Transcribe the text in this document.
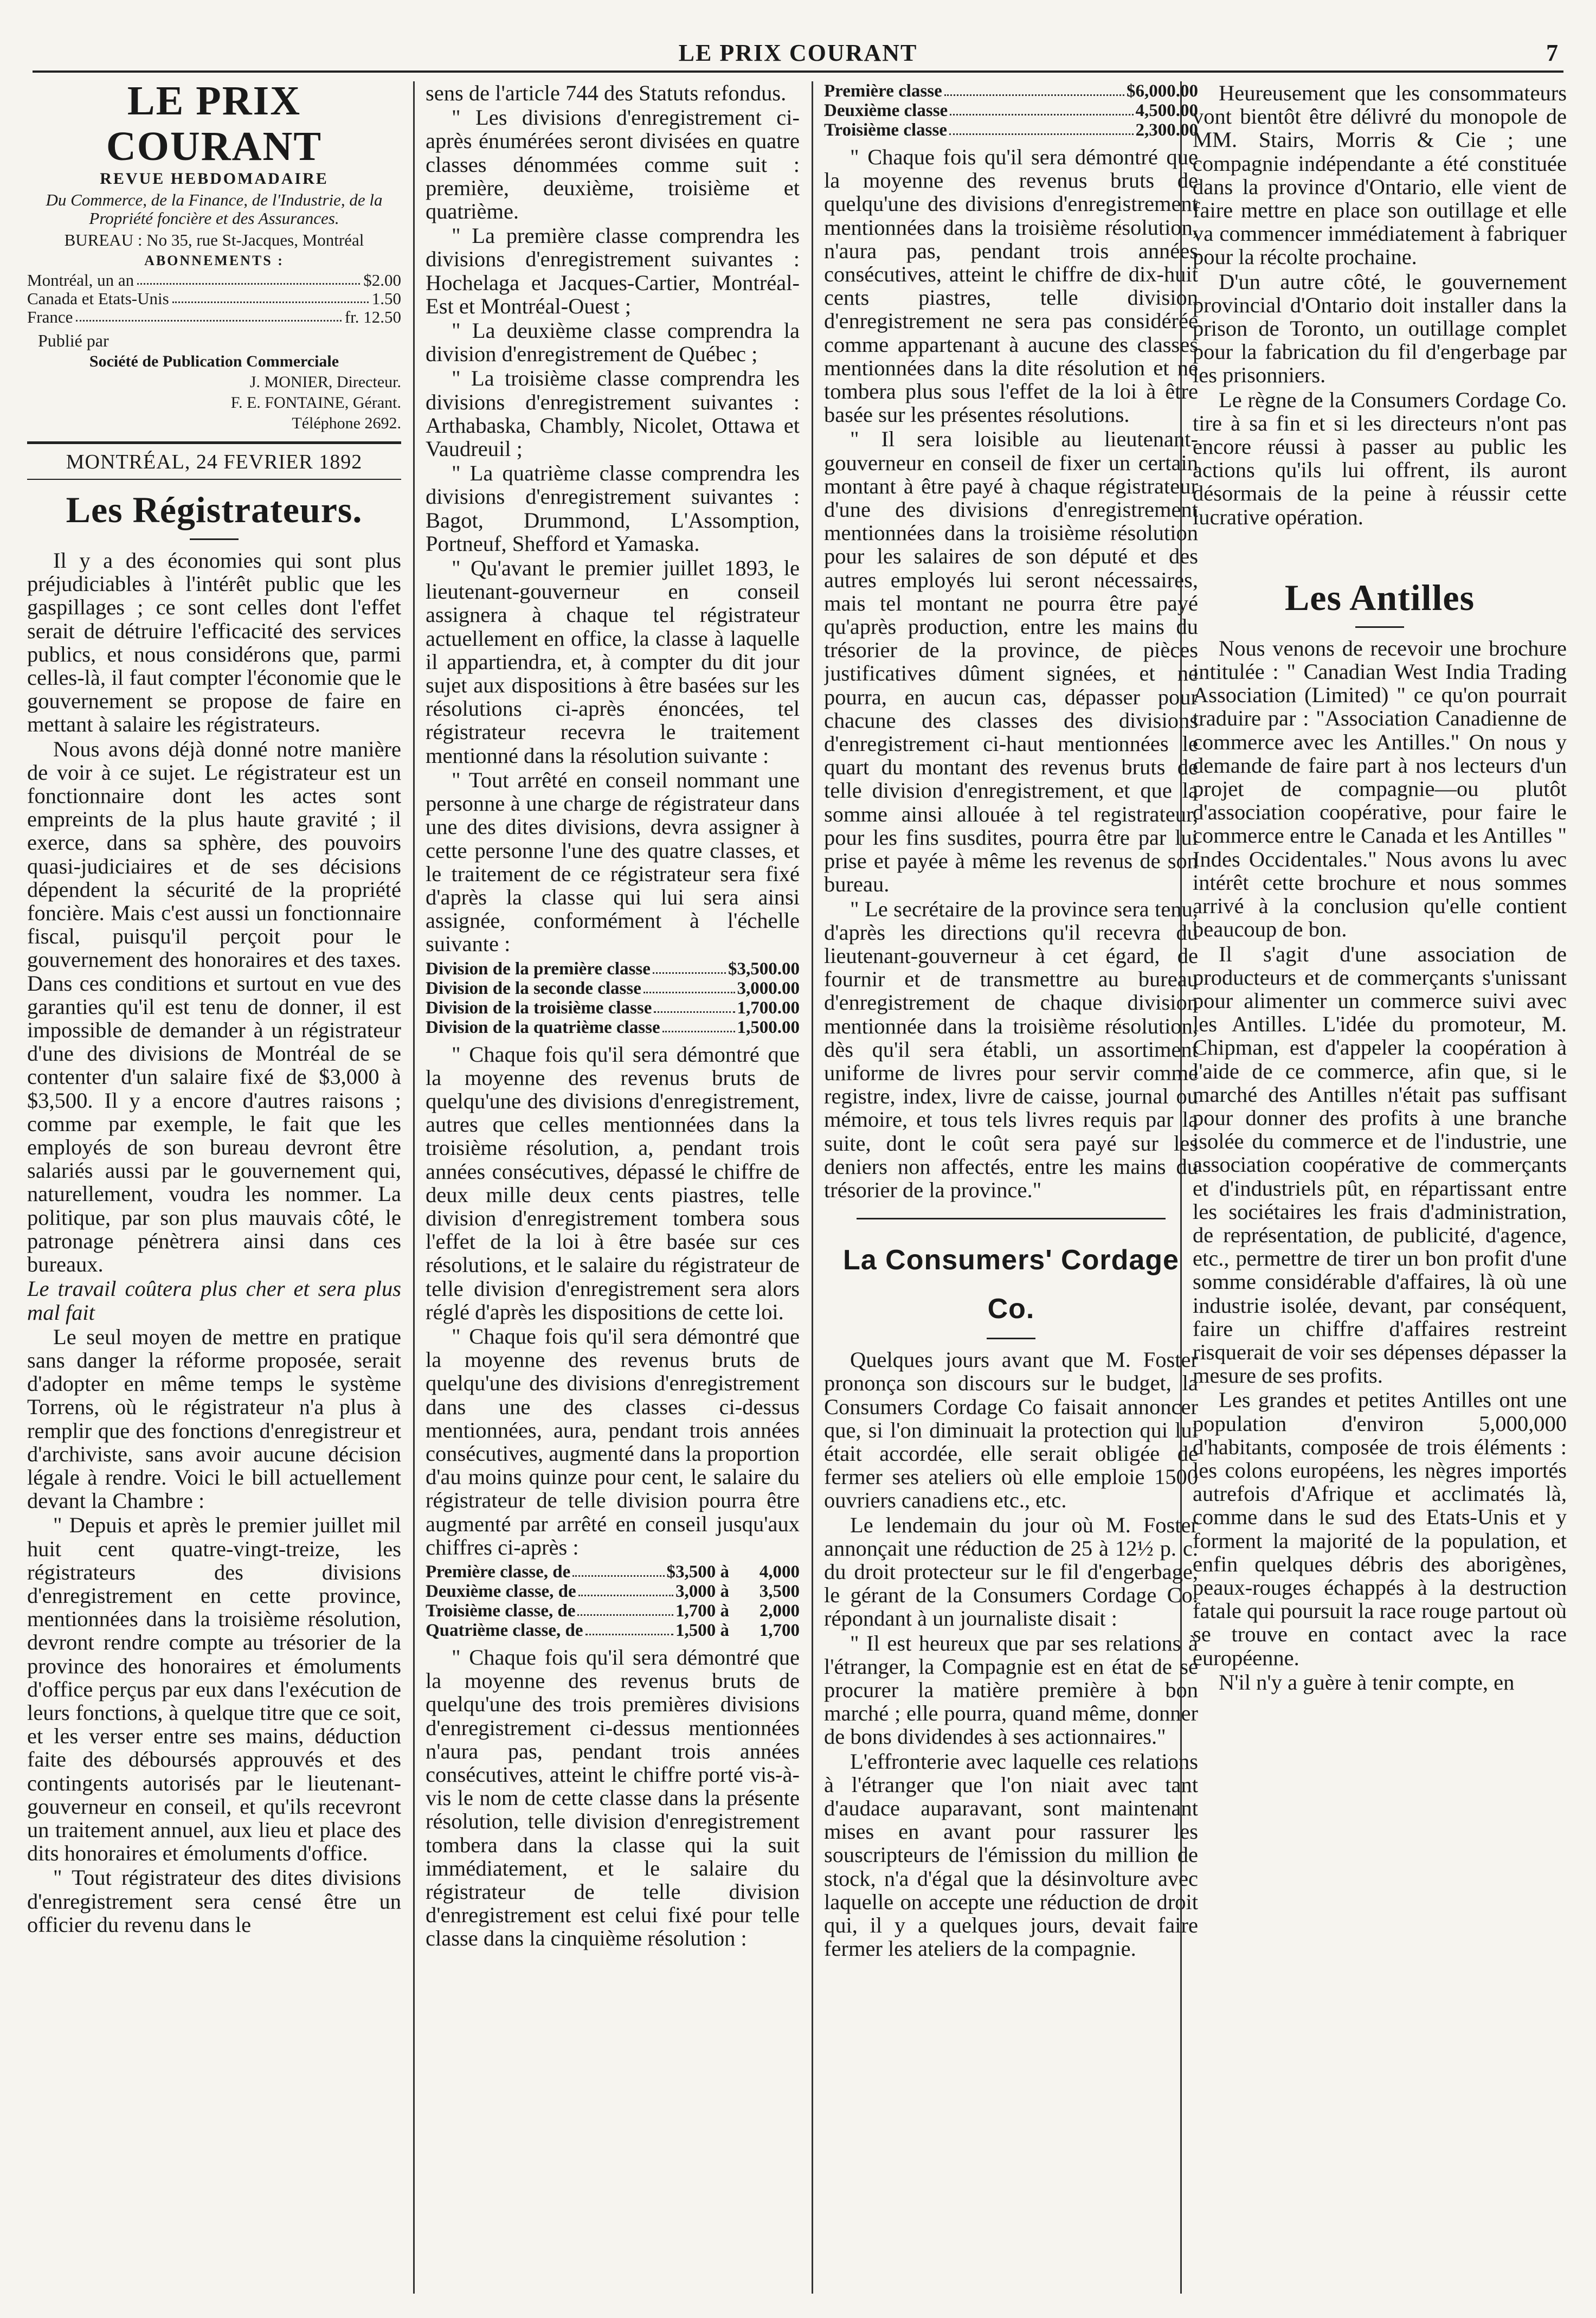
LE PRIX COURANT	7
LE PRIX COURANT
REVUE HEBDOMADAIRE
Du Commerce, de la Finance, de l'Industrie, de la Propriété foncière et des Assurances.
BUREAU : No 35, rue St-Jacques, Montréal
ABONNEMENTS :
Montréal, un an	$2.00
Canada et Etats-Unis	1.50
France	fr. 12.50
Publié par
Société de Publication Commerciale
J. MONIER, Directeur.
F. E. FONTAINE, Gérant.
Téléphone 2692.
MONTRÉAL, 24 FEVRIER 1892
Les Régistrateurs.

Il y a des économies qui sont plus préjudiciables à l'intérêt public que les gaspillages ; ce sont celles dont l'effet serait de détruire l'efficacité des services publics, et nous considérons que, parmi celles-là, il faut compter l'économie que le gouvernement se propose de faire en mettant à salaire les régistrateurs.

Nous avons déjà donné notre manière de voir à ce sujet. Le régistrateur est un fonctionnaire dont les actes sont empreints de la plus haute gravité ; il exerce, dans sa sphère, des pouvoirs quasi-judiciaires et de ses décisions dépendent la sécurité de la propriété foncière. Mais c'est aussi un fonctionnaire fiscal, puisqu'il perçoit pour le gouvernement des honoraires et des taxes. Dans ces conditions et surtout en vue des garanties qu'il est tenu de donner, il est impossible de demander à un régistrateur d'une des divisions de Montréal de se contenter d'un salaire fixé de $3,000 à $3,500. Il y a encore d'autres raisons ; comme par exemple, le fait que les employés de son bureau devront être salariés aussi par le gouvernement qui, naturellement, voudra les nommer. La politique, par son plus mauvais côté, le patronage pénètrera ainsi dans ces bureaux.

Le travail coûtera plus cher et sera plus mal fait

Le seul moyen de mettre en pratique sans danger la réforme proposée, serait d'adopter en même temps le système Torrens, où le régistrateur n'a plus à remplir que des fonctions d'enregistreur et d'archiviste, sans avoir aucune décision légale à rendre. Voici le bill actuellement devant la Chambre :

" Depuis et après le premier juillet mil huit cent quatre-vingt-treize, les régistrateurs des divisions d'enregistrement en cette province, mentionnées dans la troisième résolution, devront rendre compte au trésorier de la province des honoraires et émoluments d'office perçus par eux dans l'exécution de leurs fonctions, à quelque titre que ce soit, et les verser entre ses mains, déduction faite des déboursés approuvés et des contingents autorisés par le lieutenant-gouverneur en conseil, et qu'ils recevront un traitement annuel, aux lieu et place des dits honoraires et émoluments d'office.

" Tout régistrateur des dites divisions d'enregistrement sera censé être un officier du revenu dans le

sens de l'article 744 des Statuts refondus.

" Les divisions d'enregistrement ci-après énumérées seront divisées en quatre classes dénommées comme suit : première, deuxième, troisième et quatrième.

" La première classe comprendra les divisions d'enregistrement suivantes : Hochelaga et Jacques-Cartier, Montréal-Est et Montréal-Ouest ;

" La deuxième classe comprendra la division d'enregistrement de Québec ;

" La troisième classe comprendra les divisions d'enregistrement suivantes : Arthabaska, Chambly, Nicolet, Ottawa et Vaudreuil ;

" La quatrième classe comprendra les divisions d'enregistrement suivantes : Bagot, Drummond, L'Assomption, Portneuf, Shefford et Yamaska.

" Qu'avant le premier juillet 1893, le lieutenant-gouverneur en conseil assignera à chaque tel régistrateur actuellement en office, la classe à laquelle il appartiendra, et, à compter du dit jour sujet aux dispositions à être basées sur les résolutions ci-après énoncées, tel régistrateur recevra le traitement mentionné dans la résolution suivante :

" Tout arrêté en conseil nommant une personne à une charge de régistrateur dans une des dites divisions, devra assigner à cette personne l'une des quatre classes, et le traitement de ce régistrateur sera fixé d'après la classe qui lui sera ainsi assignée, conformément à l'échelle suivante :

Division de la première classe	$3,500.00
Division de la seconde classe	3,000.00
Division de la troisième classe	1,700.00
Division de la quatrième classe	1,500.00

" Chaque fois qu'il sera démontré que la moyenne des revenus bruts de quelqu'une des divisions d'enregistrement, autres que celles mentionnées dans la troisième résolution, a, pendant trois années consécutives, dépassé le chiffre de deux mille deux cents piastres, telle division d'enregistrement tombera sous l'effet de la loi à être basée sur ces résolutions, et le salaire du régistrateur de telle division d'enregistrement sera alors réglé d'après les dispositions de cette loi.

" Chaque fois qu'il sera démontré que la moyenne des revenus bruts de quelqu'une des divisions d'enregistrement dans une des classes ci-dessus mentionnées, aura, pendant trois années consécutives, augmenté dans la proportion d'au moins quinze pour cent, le salaire du régistrateur de telle division pourra être augmenté par arrêté en conseil jusqu'aux chiffres ci-après :

Première classe, de	$3,500 à	4,000
Deuxième classe, de	3,000 à	3,500
Troisième classe, de	1,700 à	2,000
Quatrième classe, de	1,500 à	1,700

" Chaque fois qu'il sera démontré que la moyenne des revenus bruts de quelqu'une des trois premières divisions d'enregistrement ci-dessus mentionnées n'aura pas, pendant trois années consécutives, atteint le chiffre porté vis-à-vis le nom de cette classe dans la présente résolution, telle division d'enregistrement tombera dans la classe qui la suit immédiatement, et le salaire du régistrateur de telle division d'enregistrement est celui fixé pour telle classe dans la cinquième résolution :

Première classe	$6,000.00
Deuxième classe	4,500.00
Troisième classe	2,300.00

" Chaque fois qu'il sera démontré que la moyenne des revenus bruts de quelqu'une des divisions d'enregistrement mentionnées dans la troisième résolution, n'aura pas, pendant trois années consécutives, atteint le chiffre de dix-huit cents piastres, telle division d'enregistrement ne sera pas considérée comme appartenant à aucune des classes mentionnées dans la dite résolution et ne tombera plus sous l'effet de la loi à être basée sur les présentes résolutions.

" Il sera loisible au lieutenant-gouverneur en conseil de fixer un certain montant à être payé à chaque régistrateur d'une des divisions d'enregistrement mentionnées dans la troisième résolution pour les salaires de son député et des autres employés lui seront nécessaires, mais tel montant ne pourra être payé qu'après production, entre les mains du trésorier de la province, de pièces justificatives dûment signées, et ne pourra, en aucun cas, dépasser pour chacune des classes des divisions d'enregistrement ci-haut mentionnées le quart du montant des revenus bruts de telle division d'enregistrement, et que la somme ainsi allouée à tel registrateur, pour les fins susdites, pourra être par lui prise et payée à même les revenus de son bureau.

" Le secrétaire de la province sera tenu, d'après les directions qu'il recevra du lieutenant-gouverneur à cet égard, de fournir et de transmettre au bureau d'enregistrement de chaque division mentionnée dans la troisième résolution, dès qu'il sera établi, un assortiment uniforme de livres pour servir comme registre, index, livre de caisse, journal ou mémoire, et tous tels livres requis par la suite, dont le coût sera payé sur les deniers non affectés, entre les mains du trésorier de la province."

La Consumers' Cordage Co.

Quelques jours avant que M. Foster prononça son discours sur le budget, la Consumers Cordage Co faisait annoncer que, si l'on diminuait la protection qui lui était accordée, elle serait obligée de fermer ses ateliers où elle emploie 1500 ouvriers canadiens etc., etc.

Le lendemain du jour où M. Foster annonçait une réduction de 25 à 12½ p. c. du droit protecteur sur le fil d'engerbage, le gérant de la Consumers Cordage Co. répondant à un journaliste disait :

" Il est heureux que par ses relations à l'étranger, la Compagnie est en état de se procurer la matière première à bon marché ; elle pourra, quand même, donner de bons dividendes à ses actionnaires."

L'effronterie avec laquelle ces relations à l'étranger que l'on niait avec tant d'audace auparavant, sont maintenant mises en avant pour rassurer les souscripteurs de l'émission du million de stock, n'a d'égal que la désinvolture avec laquelle on accepte une réduction de droit qui, il y a quelques jours, devait faire fermer les ateliers de la compagnie.

Heureusement que les consommateurs vont bientôt être délivré du monopole de MM. Stairs, Morris & Cie ; une compagnie indépendante a été constituée dans la province d'Ontario, elle vient de faire mettre en place son outillage et elle va commencer immédiatement à fabriquer pour la récolte prochaine.

D'un autre côté, le gouvernement provincial d'Ontario doit installer dans la prison de Toronto, un outillage complet pour la fabrication du fil d'engerbage par les prisonniers.

Le règne de la Consumers Cordage Co. tire à sa fin et si les directeurs n'ont pas encore réussi à passer au public les actions qu'ils lui offrent, ils auront désormais de la peine à réussir cette lucrative opération.

Les Antilles

Nous venons de recevoir une brochure intitulée : " Canadian West India Trading Association (Limited) " ce qu'on pourrait traduire par : "Association Canadienne de commerce avec les Antilles." On nous y demande de faire part à nos lecteurs d'un projet de compagnie—ou plutôt d'association coopérative, pour faire le commerce entre le Canada et les Antilles " Indes Occidentales." Nous avons lu avec intérêt cette brochure et nous sommes arrivé à la conclusion qu'elle contient beaucoup de bon.

Il s'agit d'une association de producteurs et de commerçants s'unissant pour alimenter un commerce suivi avec les Antilles. L'idée du promoteur, M. Chipman, est d'appeler la coopération à l'aide de ce commerce, afin que, si le marché des Antilles n'était pas suffisant pour donner des profits à une branche isolée du commerce et de l'industrie, une association coopérative de commerçants et d'industriels pût, en répartissant entre les sociétaires les frais d'administration, de représentation, de publicité, d'agence, etc., permettre de tirer un bon profit d'une somme considérable d'affaires, là où une industrie isolée, devant, par conséquent, faire un chiffre d'affaires restreint risquerait de voir ses dépenses dépasser la mesure de ses profits.

Les grandes et petites Antilles ont une population d'environ 5,000,000 d'habitants, composée de trois éléments : les colons européens, les nègres importés autrefois d'Afrique et acclimatés là, comme dans le sud des Etats-Unis et y forment la majorité de la population, et enfin quelques débris des aborigènes, peaux-rouges échappés à la destruction fatale qui poursuit la race rouge partout où se trouve en contact avec la race européenne.

N'il n'y a guère à tenir compte, en
